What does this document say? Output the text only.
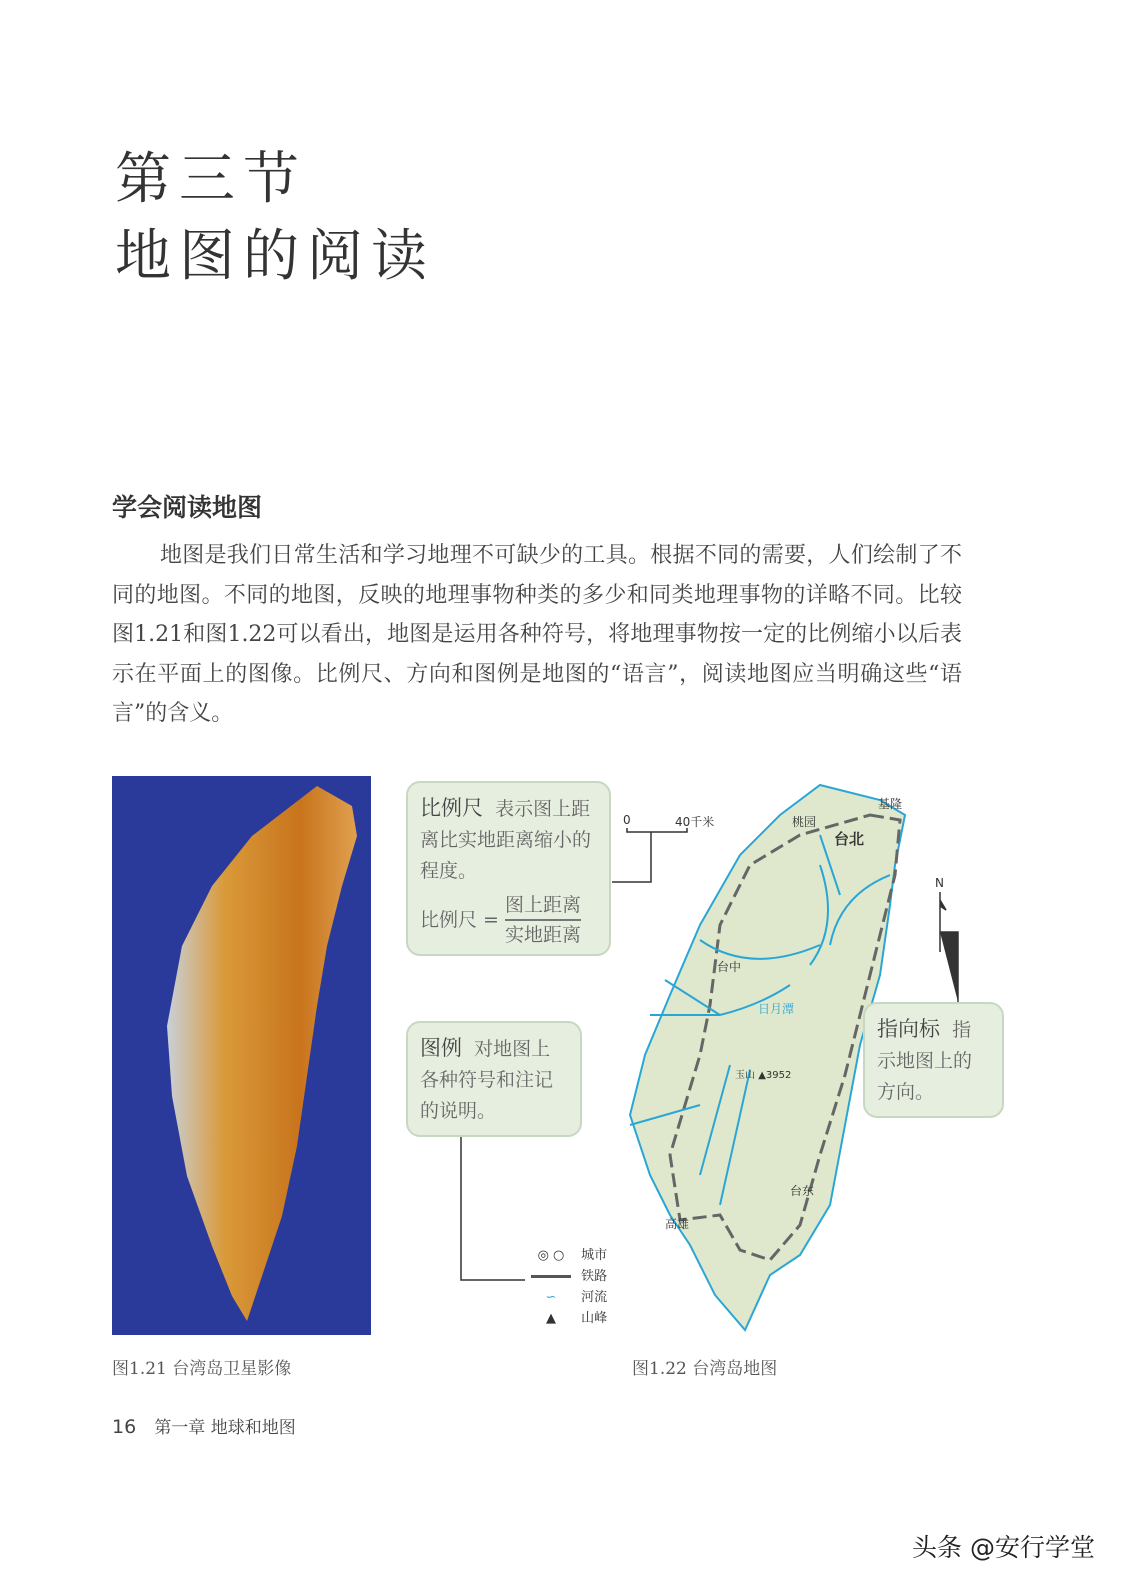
第三节
地图的阅读
学会阅读地图
地图是我们日常生活和学习地理不可缺少的工具。根据不同的需要，人们绘制了不同的地图。不同的地图，反映的地理事物种类的多少和同类地理事物的详略不同。比较图1.21和图1.22可以看出，地图是运用各种符号，将地理事物按一定的比例缩小以后表示在平面上的图像。比例尺、方向和图例是地图的“语言”，阅读地图应当明确这些“语言”的含义。
图1.21 台湾岛卫星影像
基隆
桃园
台北
台中
日月潭
玉山 ▲3952
台东
高雄
0	40千米
N
比例尺 表示图上距离比实地距离缩小的程度。
比例尺 =
图上距离
实地距离
图例 对地图上各种符号和注记的说明。
指向标 指示地图上的方向。
◎ ○ 城市
铁路
∽ 河流
▲ 山峰
图1.22 台湾岛地图
16 第一章 地球和地图
头条 @安行学堂
